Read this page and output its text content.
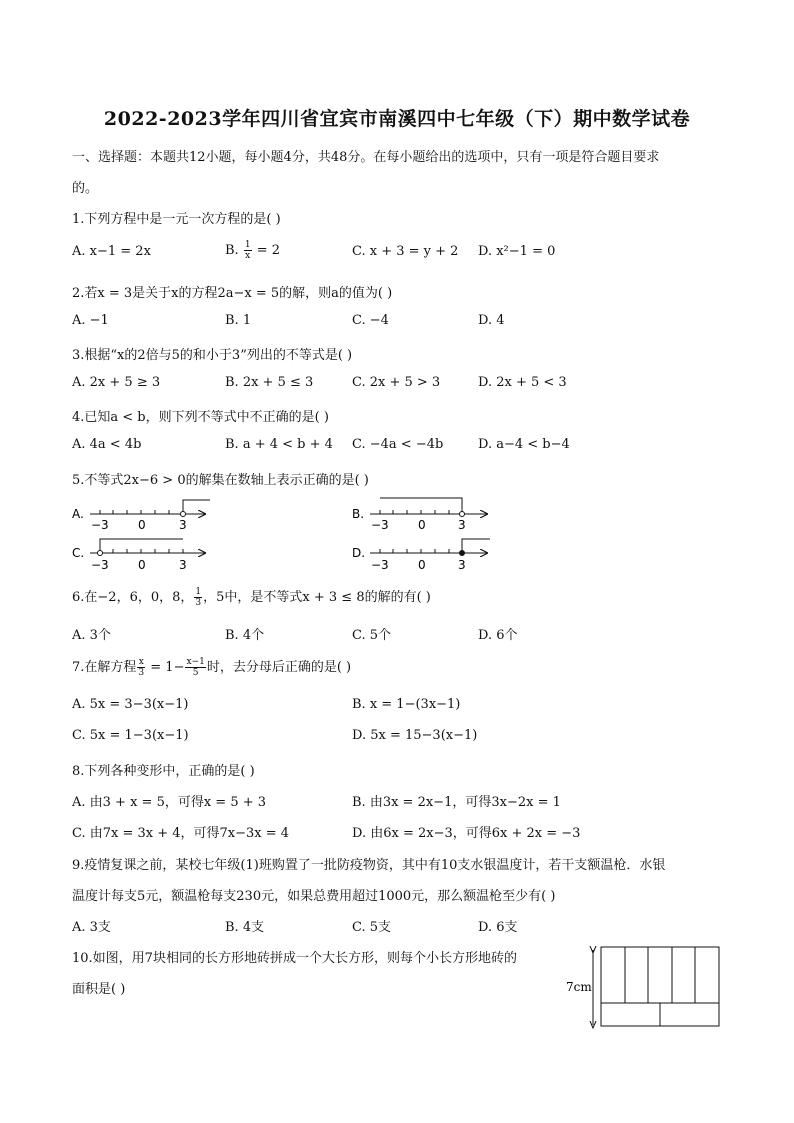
2022-2023学年四川省宜宾市南溪四中七年级（下）期中数学试卷
一、选择题：本题共12小题，每小题4分，共48分。在每小题给出的选项中，只有一项是符合题目要求
的。
1.下列方程中是一元一次方程的是( )
A. x−1 = 2x	B. $\frac{1}{x} = 2$	C. x + 3 = y + 2 D. x²−1 = 0
2.若x = 3是关于x的方程2a−x = 5的解，则a的值为( )
A. −1	B. 1	C. −4	D. 4
3.根据“x的2倍与5的和小于3”列出的不等式是( )
A. 2x + 5 ≥ 3	B. 2x + 5 ≤ 3	C. 2x + 5 > 3	D. 2x + 5 < 3
4.已知a < b，则下列不等式中不正确的是( )
A. 4a < 4b	B. a + 4 < b + 4 C. −4a < −4b	D. a−4 < b−4
5.不等式2x−6 > 0的解集在数轴上表示正确的是( )
A.
−3 0	3
B.
−3 0	3
C.
−3 0	3
D.
−3 0	3
6.在−2，6，0，8， $\frac{1}{3}$ ，5中，是不等式x + 3 ≤ 8的解的有( )
A. 3个	B. 4个	C. 5个	D. 6个
7.在解方程 $\frac{x}{3} = 1- \frac{x-1}{5}$ 时，去分母后正确的是( )
A. 5x = 3−3(x−1)	B. x = 1−(3x−1)
C. 5x = 1−3(x−1)	D. 5x = 15−3(x−1)
8.下列各种变形中，正确的是( )
A. 由3 + x = 5，可得x = 5 + 3	B. 由3x = 2x−1，可得3x−2x = 1
C. 由7x = 3x + 4，可得7x−3x = 4	D. 由6x = 2x−3，可得6x + 2x = −3
9.疫情复课之前，某校七年级(1)班购置了一批防疫物资，其中有10支水银温度计，若干支额温枪．水银
温度计每支5元，额温枪每支230元，如果总费用超过1000元，那么额温枪至少有( )
A. 3支	B. 4支	C. 5支	D. 6支
10.如图，用7块相同的长方形地砖拼成一个大长方形，则每个小长方形地砖的
面积是( )	7cm
